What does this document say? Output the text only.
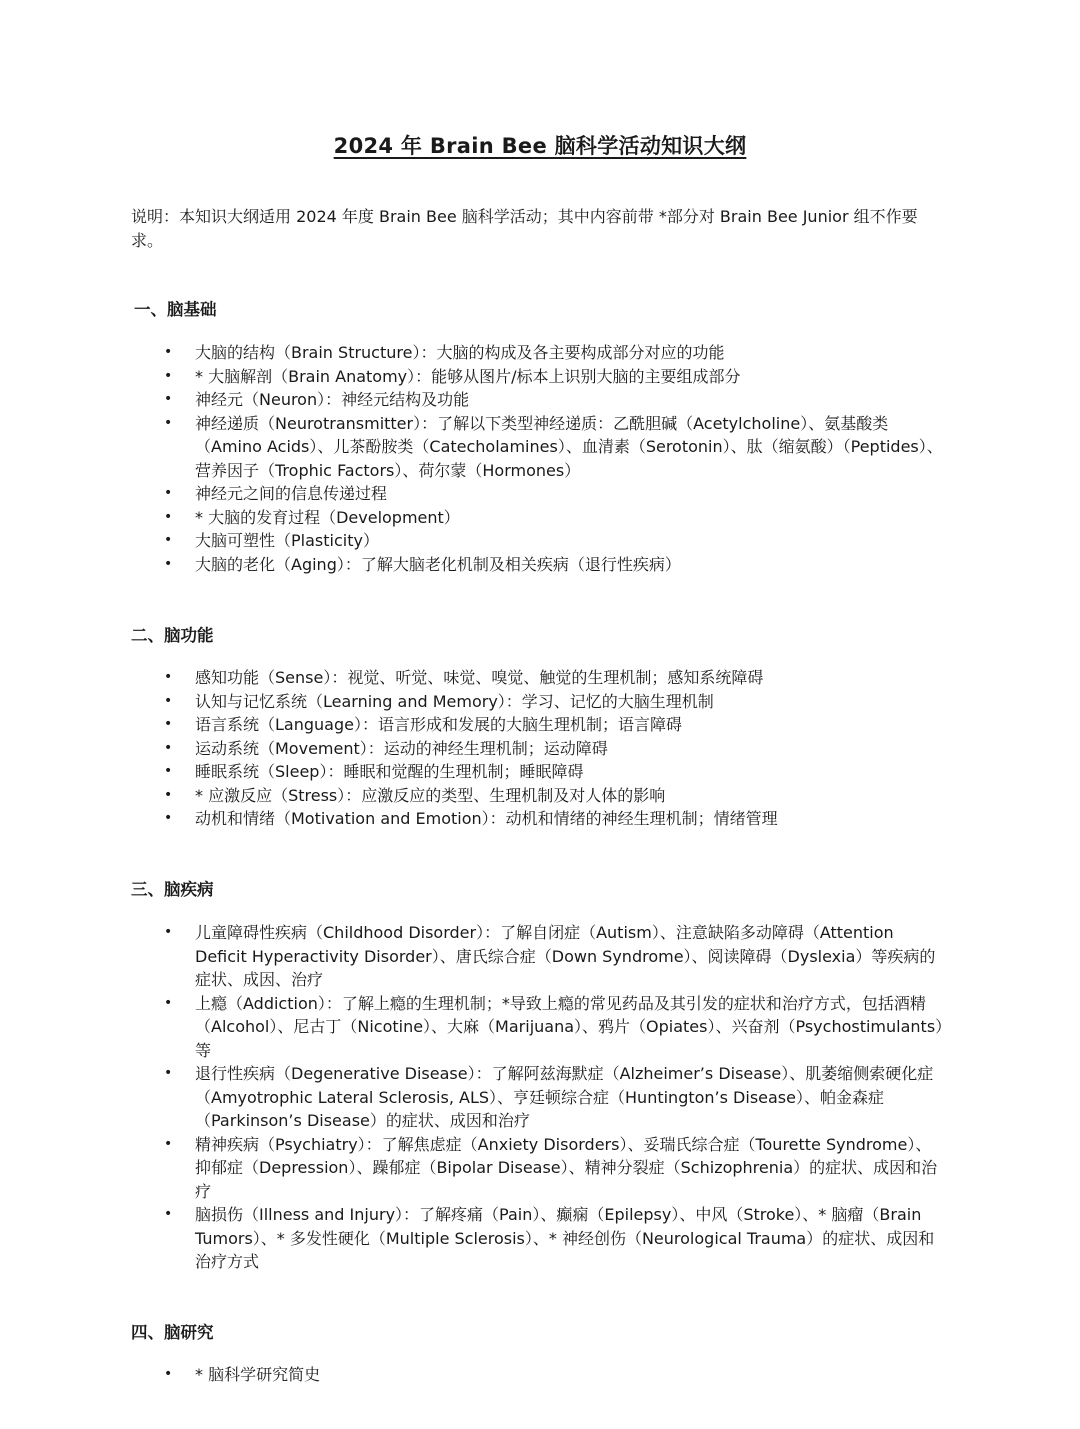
2024 年 Brain Bee 脑科学活动知识大纲
说明：本知识大纲适用 2024 年度 Brain Bee 脑科学活动；其中内容前带 *部分对 Brain Bee Junior 组不作要求。
一、脑基础
• 大脑的结构（Brain Structure）：大脑的构成及各主要构成部分对应的功能
• * 大脑解剖（Brain Anatomy）：能够从图片/标本上识别大脑的主要组成部分
• 神经元（Neuron）：神经元结构及功能
• 神经递质（Neurotransmitter）：了解以下类型神经递质：乙酰胆碱（Acetylcholine）、氨基酸类（Amino Acids）、儿茶酚胺类（Catecholamines）、血清素（Serotonin）、肽（缩氨酸）（Peptides）、营养因子（Trophic Factors）、荷尔蒙（Hormones）
• 神经元之间的信息传递过程
• * 大脑的发育过程（Development）
• 大脑可塑性（Plasticity）
• 大脑的老化（Aging）：了解大脑老化机制及相关疾病（退行性疾病）
二、脑功能
• 感知功能（Sense）：视觉、听觉、味觉、嗅觉、触觉的生理机制；感知系统障碍
• 认知与记忆系统（Learning and Memory）：学习、记忆的大脑生理机制
• 语言系统（Language）：语言形成和发展的大脑生理机制；语言障碍
• 运动系统（Movement）：运动的神经生理机制；运动障碍
• 睡眠系统（Sleep）：睡眠和觉醒的生理机制；睡眠障碍
• * 应激反应（Stress）：应激反应的类型、生理机制及对人体的影响
• 动机和情绪（Motivation and Emotion）：动机和情绪的神经生理机制；情绪管理
三、脑疾病
• 儿童障碍性疾病（Childhood Disorder）：了解自闭症（Autism）、注意缺陷多动障碍（Attention Deficit Hyperactivity Disorder）、唐氏综合症（Down Syndrome）、阅读障碍（Dyslexia）等疾病的症状、成因、治疗
• 上瘾（Addiction）：了解上瘾的生理机制；*导致上瘾的常见药品及其引发的症状和治疗方式，包括酒精（Alcohol）、尼古丁（Nicotine）、大麻（Marijuana）、鸦片（Opiates）、兴奋剂（Psychostimulants）等
• 退行性疾病（Degenerative Disease）：了解阿兹海默症（Alzheimer’s Disease）、肌萎缩侧索硬化症（Amyotrophic Lateral Sclerosis, ALS）、亨廷顿综合症（Huntington’s Disease）、帕金森症（Parkinson’s Disease）的症状、成因和治疗
• 精神疾病（Psychiatry）：了解焦虑症（Anxiety Disorders）、妥瑞氏综合症（Tourette Syndrome）、抑郁症（Depression）、躁郁症（Bipolar Disease）、精神分裂症（Schizophrenia）的症状、成因和治疗
• 脑损伤（Illness and Injury）：了解疼痛（Pain）、癫痫（Epilepsy）、中风（Stroke）、* 脑瘤（Brain Tumors）、* 多发性硬化（Multiple Sclerosis）、* 神经创伤（Neurological Trauma）的症状、成因和治疗方式
四、脑研究
• * 脑科学研究简史
